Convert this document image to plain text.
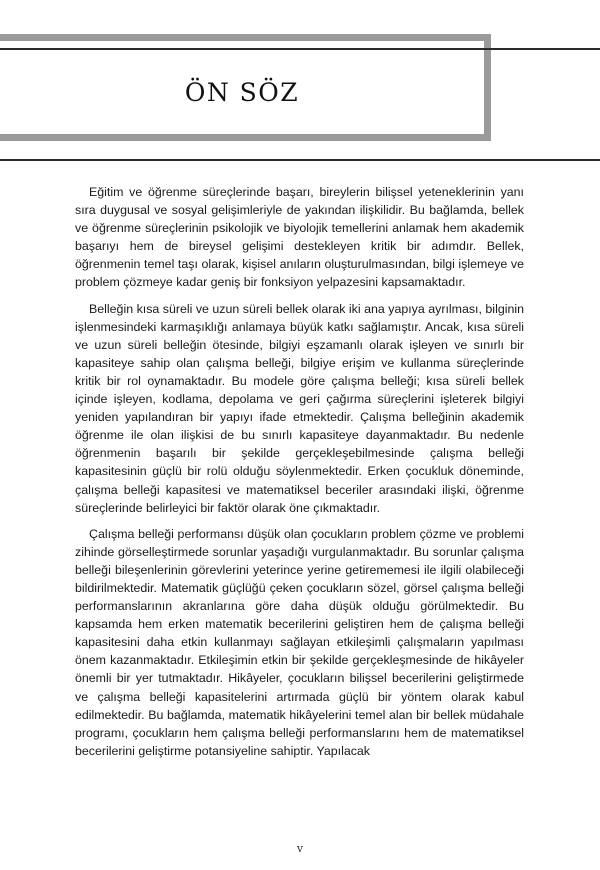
ÖN SÖZ

Eğitim ve öğrenme süreçlerinde başarı, bireylerin bilişsel yeteneklerinin yanı sıra duygusal ve sosyal gelişimleriyle de yakından ilişkilidir. Bu bağlamda, bellek ve öğrenme süreçlerinin psikolojik ve biyolojik temellerini anlamak hem akademik başarıyı hem de bireysel gelişimi destekleyen kritik bir adımdır. Bellek, öğrenmenin temel taşı olarak, kişisel anıların oluşturulmasından, bilgi işlemeye ve problem çözmeye kadar geniş bir fonksiyon yelpazesini kapsamaktadır.

Belleğin kısa süreli ve uzun süreli bellek olarak iki ana yapıya ayrılması, bilginin işlenmesindeki karmaşıklığı anlamaya büyük katkı sağlamıştır. Ancak, kısa süreli ve uzun süreli belleğin ötesinde, bilgiyi eşzamanlı olarak işleyen ve sınırlı bir kapasiteye sahip olan çalışma belleği, bilgiye erişim ve kullanma süreçlerinde kritik bir rol oynamaktadır. Bu modele göre çalışma belleği; kısa süreli bellek içinde işleyen, kodlama, depolama ve geri çağırma süreçlerini işleterek bilgiyi yeniden yapılandıran bir yapıyı ifade etmektedir. Çalışma belleğinin akademik öğrenme ile olan ilişkisi de bu sınırlı kapasiteye dayanmaktadır. Bu nedenle öğrenmenin başarılı bir şekilde gerçekleşebilmesinde çalışma belleği kapasitesinin güçlü bir rolü olduğu söylenmektedir. Erken çocukluk döneminde, çalışma belleği kapasitesi ve matematiksel beceriler arasındaki ilişki, öğrenme süreçlerinde belirleyici bir faktör olarak öne çıkmaktadır.

Çalışma belleği performansı düşük olan çocukların problem çözme ve problemi zihinde görselleştirmede sorunlar yaşadığı vurgulanmaktadır. Bu sorunlar çalışma belleği bileşenlerinin görevlerini yeterince yerine getirememesi ile ilgili olabileceği bildirilmektedir. Matematik güçlüğü çeken çocukların sözel, görsel çalışma belleği performanslarının akranlarına göre daha düşük olduğu görülmektedir. Bu kapsamda hem erken matematik becerilerini geliştiren hem de çalışma belleği kapasitesini daha etkin kullanmayı sağlayan etkileşimli çalışmaların yapılması önem kazanmaktadır. Etkileşimin etkin bir şekilde gerçekleşmesinde de hikâyeler önemli bir yer tutmaktadır. Hikâyeler, çocukların bilişsel becerilerini geliştirmede ve çalışma belleği kapasitelerini artırmada güçlü bir yöntem olarak kabul edilmektedir. Bu bağlamda, matematik hikâyelerini temel alan bir bellek müdahale programı, çocukların hem çalışma belleği performanslarını hem de matematiksel becerilerini geliştirme potansiyeline sahiptir. Yapılacak

v
